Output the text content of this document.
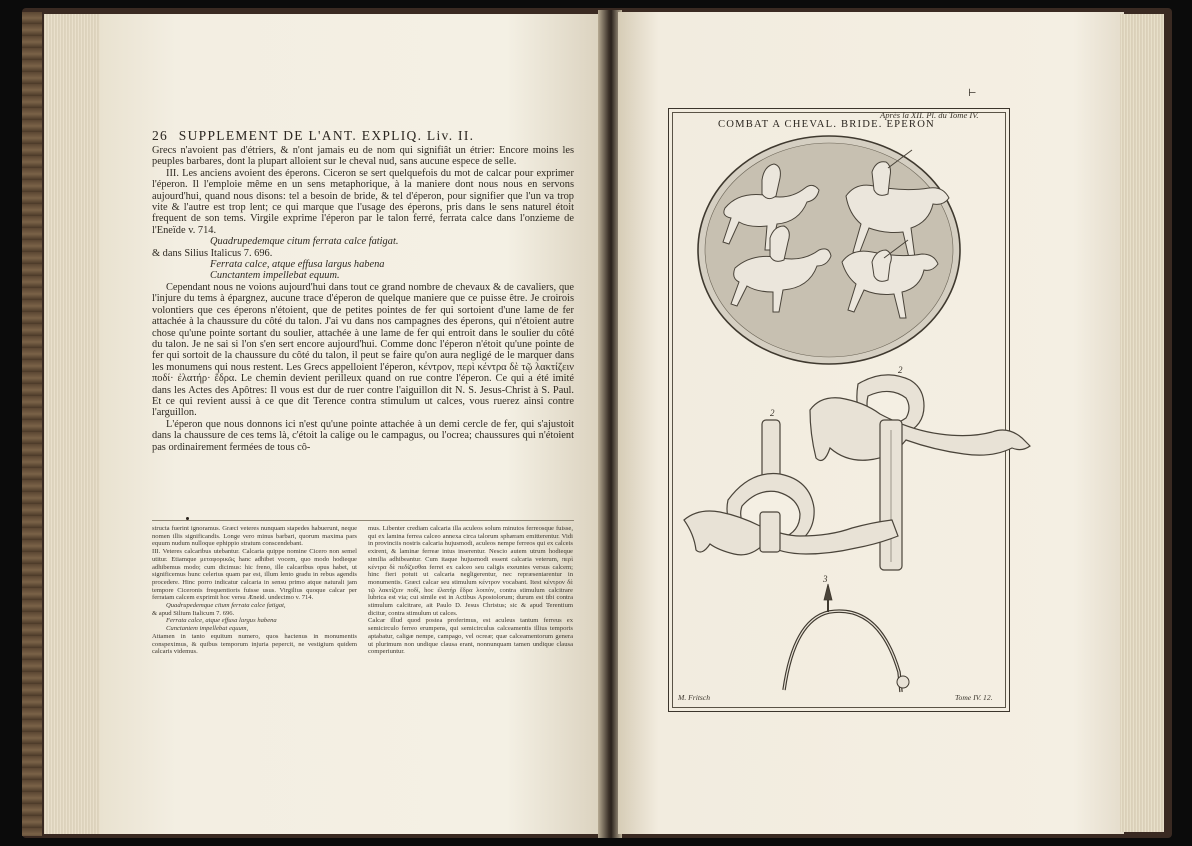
26 SUPPLEMENT DE L'ANT. EXPLIQ. Liv. II.

Grecs n'avoient pas d'étriers, & n'ont jamais eu de nom qui signifiât un étrier: Encore moins les peuples barbares, dont la plupart alloient sur le cheval nud, sans aucune espece de selle.

III. Les anciens avoient des éperons. Ciceron se sert quelquefois du mot de calcar pour exprimer l'éperon. Il l'emploie même en un sens metaphorique, à la maniere dont nous nous en servons aujourd'hui, quand nous disons: tel a besoin de bride, & tel d'éperon, pour signifier que l'un va trop vite & l'autre est trop lent; ce qui marque que l'usage des éperons, pris dans le sens naturel étoit frequent de son tems. Virgile exprime l'éperon par le talon ferré, ferrata calce dans l'onzieme de l'Eneïde v. 714.

Quadrupedemque citum ferrata calce fatigat.

& dans Silius Italicus 7. 696.

Ferrata calce, atque effusa largus habena

Cunctantem impellebat equum.

Cependant nous ne voions aujourd'hui dans tout ce grand nombre de chevaux & de cavaliers, que l'injure du tems à épargnez, aucune trace d'éperon de quelque maniere que ce puisse être. Je croirois volontiers que ces éperons n'étoient, que de petites pointes de fer qui sortoient d'une lame de fer attachée à la chaussure du côté du talon. J'ai vu dans nos campagnes des éperons, qui n'étoient autre chose qu'une pointe sortant du soulier, attachée à une lame de fer qui entroit dans le soulier du côté du talon. Je ne sai si l'on s'en sert encore aujourd'hui. Comme donc l'éperon n'étoit qu'une pointe de fer qui sortoit de la chaussure du côté du talon, il peut se faire qu'on aura negligé de le marquer dans les monumens qui nous restent. Les Grecs appelloient l'éperon, κέντρον, περὶ κέντρα δὲ τῷ λακτίζειν ποδί· ἐλατήρ· ἕδρα. Le chemin devient perilleux quand on rue contre l'éperon. Ce qui a été imité dans les Actes des Apôtres: Il vous est dur de ruer contre l'aiguillon dit N. S. Jesus-Christ à S. Paul. Et ce qui revient aussi à ce que dit Terence contra stimulum ut calces, vous ruerez ainsi contre l'arguillon.

L'éperon que nous donnons ici n'est qu'une pointe attachée à un demi cercle de fer, qui s'ajustoit dans la chaussure de ces tems là, c'étoit la calige ou le campagus, ou l'ocrea; chaussures qui n'étoient pas ordinairement fermées de tous cô-

structa fuerint ignoramus. Græci veteres nunquam stapedes habuerunt, neque nomen illis significandis. Longe vero minus barbari, quorum maxima pars equum nudum nulloque ephippio stratum conscendebant.

III. Veteres calcaribus utebantur. Calcaria quippe nomine Cicero non semel utitur. Etiamque μεταφορικῶς hanc adhibet vocem, quo modo hodieque adhibemus modo; cum dicimus: hic freno, ille calcaribus opus habet, ut significemus hunc celerius quam par est, illum lento gradu in rebus agendis procedere. Hinc porro indicatur calcaria in sensu primo atque naturali jam tempore Ciceronis frequentioris fuisse usus. Virgilius quoque calcar per ferratam calcem exprimit hoc versu Æneid. undecimo v. 714.

Quadrupedemque citum ferrata calce fatigat,

& apud Silium Italicum 7. 696.

Ferrata calce, atque effusa largus habena

Cunctantem impellebat equum,

Attamen in tanto equitum numero, quos hactenus in monumentis conspeximus, & quibus temporum injuria pepercit, ne vestigium quidem calcaris videmus.

mus. Libenter crediam calcaria illa aculeos solum minutos ferreosque fuisse, qui ex lamina ferrea calceo annexa circa talorum sphæram emitterentur. Vidi in provinciis nostris calcaria hujusmodi, aculeos nempe ferreos qui ex calceis exirent, & laminæ ferreæ intus inserentur. Nescio autem utrum hodieque similia adhibeantur. Cum itaque hujusmodi essent calcaria veterum, περὶ κέντρα δὲ πεδίζεσθαι ferrei ex calceo seu caligis exeuntes versus calcem; hinc fieri potuit ut calcaria negligerentur, nec repræsentarentur in monumentis. Græci calcar seu stimulum κέντρον vocabant. Itest κέντρον δὲ τῷ λακτίζειν ποδί, hoc ἐλατήρ ἕδρα λοιπὸν, contra stimulum calcitrare lubrica est via; cui simile est in Actibus Apostolorum; durum est tibi contra stimulum calcitrare, ait Paulo D. Jesus Christus; sic & apud Terentium dicitur, contra stimulum ut calces.

Calcar illud quod postea proferimus, est aculeus tantum ferreus ex semicirculo ferreo erumpens, qui semicirculus calceamentis illius temporis aptabatur, caligæ nempe, campago, vel ocreæ; quæ calceamentorum genera ut plurimum non undique clausa erant, nonnunquam tamen undique clausa comperiuntur.

⊢
Après la XII. Pl. du Tome IV.
COMBAT A CHEVAL. BRIDE. EPERON
2
2
3
M. Fritsch	Tome IV. 12.
